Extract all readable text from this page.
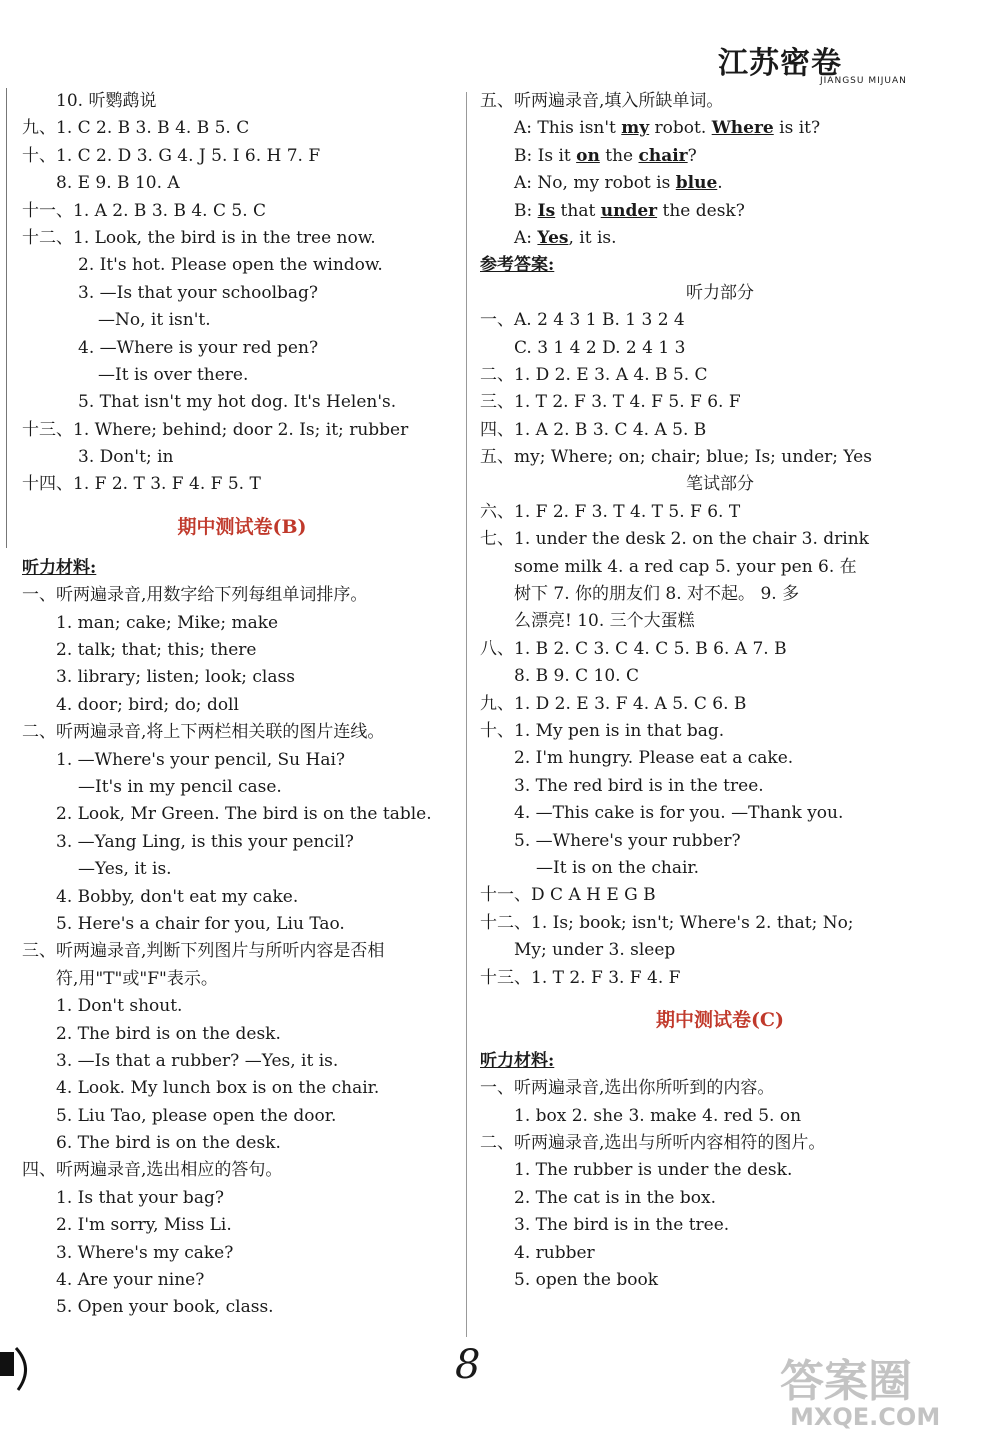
江苏密卷
JIANGSU MIJUAN
10. 听鹦鹉说
九、1. C 2. B 3. B 4. B 5. C
十、1. C 2. D 3. G 4. J 5. I 6. H 7. F
8. E 9. B 10. A
十一、1. A 2. B 3. B 4. C 5. C
十二、1. Look, the bird is in the tree now.
2. It's hot. Please open the window.
3. —Is that your schoolbag?
—No, it isn't.
4. —Where is your red pen?
—It is over there.
5. That isn't my hot dog. It's Helen's.
十三、1. Where; behind; door 2. Is; it; rubber
3. Don't; in
十四、1. F 2. T 3. F 4. F 5. T
期中测试卷(B)
听力材料:
一、听两遍录音,用数字给下列每组单词排序。
1. man; cake; Mike; make
2. talk; that; this; there
3. library; listen; look; class
4. door; bird; do; doll
二、听两遍录音,将上下两栏相关联的图片连线。
1. —Where's your pencil, Su Hai?
—It's in my pencil case.
2. Look, Mr Green. The bird is on the table.
3. —Yang Ling, is this your pencil?
—Yes, it is.
4. Bobby, don't eat my cake.
5. Here's a chair for you, Liu Tao.
三、听两遍录音,判断下列图片与所听内容是否相
符,用"T"或"F"表示。
1. Don't shout.
2. The bird is on the desk.
3. —Is that a rubber? —Yes, it is.
4. Look. My lunch box is on the chair.
5. Liu Tao, please open the door.
6. The bird is on the desk.
四、听两遍录音,选出相应的答句。
1. Is that your bag?
2. I'm sorry, Miss Li.
3. Where's my cake?
4. Are your nine?
5. Open your book, class.
五、听两遍录音,填入所缺单词。
A: This isn't my robot. Where is it?
B: Is it on the chair?
A: No, my robot is blue.
B: Is that under the desk?
A: Yes, it is.
参考答案:
听力部分
一、A. 2 4 3 1 B. 1 3 2 4
C. 3 1 4 2 D. 2 4 1 3
二、1. D 2. E 3. A 4. B 5. C
三、1. T 2. F 3. T 4. F 5. F 6. F
四、1. A 2. B 3. C 4. A 5. B
五、my; Where; on; chair; blue; Is; under; Yes
笔试部分
六、1. F 2. F 3. T 4. T 5. F 6. T
七、1. under the desk 2. on the chair 3. drink
some milk 4. a red cap 5. your pen 6. 在
树下 7. 你的朋友们 8. 对不起。 9. 多
么漂亮! 10. 三个大蛋糕
八、1. B 2. C 3. C 4. C 5. B 6. A 7. B
8. B 9. C 10. C
九、1. D 2. E 3. F 4. A 5. C 6. B
十、1. My pen is in that bag.
2. I'm hungry. Please eat a cake.
3. The red bird is in the tree.
4. —This cake is for you. —Thank you.
5. —Where's your rubber?
—It is on the chair.
十一、D C A H E G B
十二、1. Is; book; isn't; Where's 2. that; No;
My; under 3. sleep
十三、1. T 2. F 3. F 4. F
期中测试卷(C)
听力材料:
一、听两遍录音,选出你所听到的内容。
1. box 2. she 3. make 4. red 5. on
二、听两遍录音,选出与所听内容相符的图片。
1. The rubber is under the desk.
2. The cat is in the box.
3. The bird is in the tree.
4. rubber
5. open the book
8	答案圈
MXQE.COM
